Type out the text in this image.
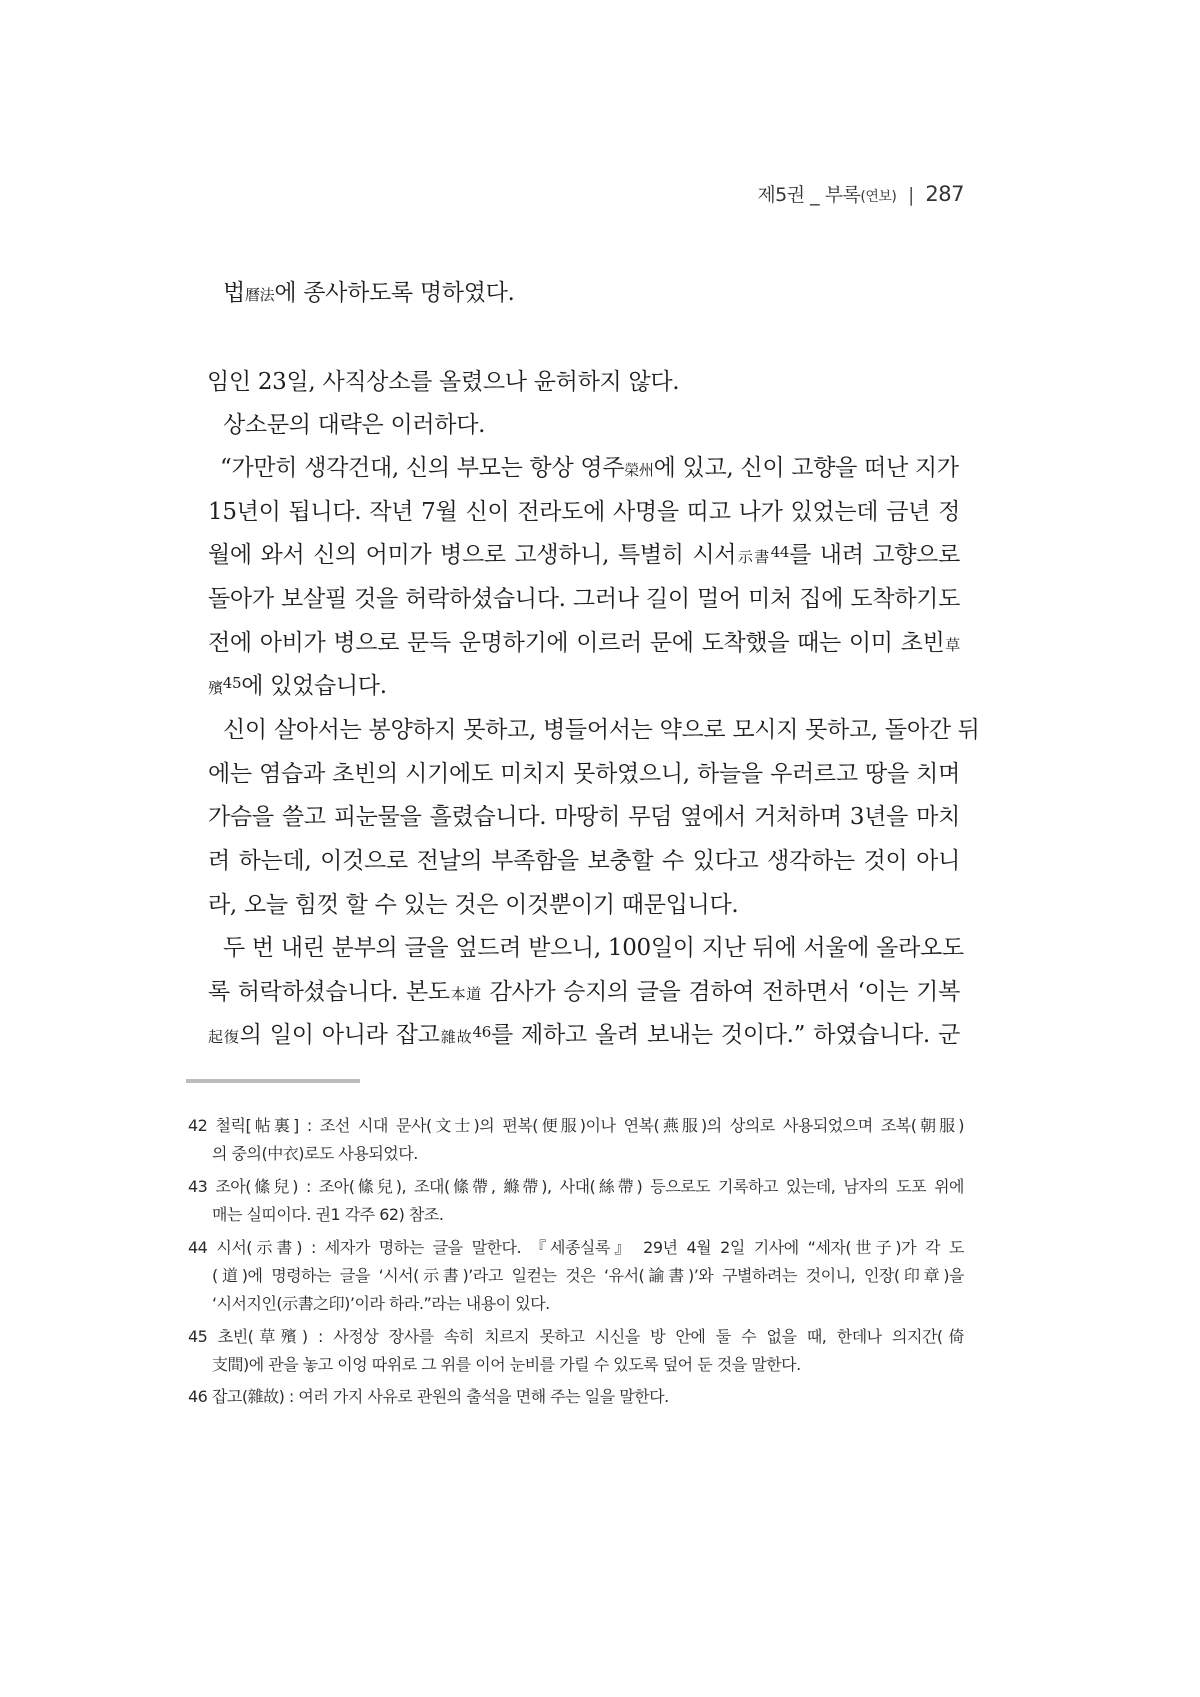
제5권 _ 부록(연보) | 287
법曆法에 종사하도록 명하였다.
임인 23일, 사직상소를 올렸으나 윤허하지 않다.
상소문의 대략은 이러하다.
“가만히 생각건대, 신의 부모는 항상 영주榮州에 있고, 신이 고향을 떠난 지가
15년이 됩니다. 작년 7월 신이 전라도에 사명을 띠고 나가 있었는데 금년 정
월에 와서 신의 어미가 병으로 고생하니, 특별히 시서示書$^{44}$를 내려 고향으로
돌아가 보살필 것을 허락하셨습니다. 그러나 길이 멀어 미처 집에 도착하기도
전에 아비가 병으로 문득 운명하기에 이르러 문에 도착했을 때는 이미 초빈草
殯$^{45}$에 있었습니다.
신이 살아서는 봉양하지 못하고, 병들어서는 약으로 모시지 못하고, 돌아간 뒤
에는 염습과 초빈의 시기에도 미치지 못하였으니, 하늘을 우러르고 땅을 치며
가슴을 쓸고 피눈물을 흘렸습니다. 마땅히 무덤 옆에서 거처하며 3년을 마치
려 하는데, 이것으로 전날의 부족함을 보충할 수 있다고 생각하는 것이 아니
라, 오늘 힘껏 할 수 있는 것은 이것뿐이기 때문입니다.
두 번 내린 분부의 글을 엎드려 받으니, 100일이 지난 뒤에 서울에 올라오도
록 허락하셨습니다. 본도本道 감사가 승지의 글을 겸하여 전하면서 ‘이는 기복
起復의 일이 아니라 잡고雜故$^{46}$를 제하고 올려 보내는 것이다.” 하였습니다. 군
42 철릭[帖裏] : 조선 시대 문사(文士)의 편복(便服)이나 연복(燕服)의 상의로 사용되었으며 조복(朝服)
의 중의(中衣)로도 사용되었다.
43 조아(絛兒) : 조아(絛兒), 조대(絛帶, 縧帶), 사대(絲帶) 등으로도 기록하고 있는데, 남자의 도포 위에
매는 실띠이다. 권1 각주 62) 참조.
44 시서(示書) : 세자가 명하는 글을 말한다. 『세종실록』 29년 4월 2일 기사에 “세자(世子)가 각 도
(道)에 명령하는 글을 ‘시서(示書)’라고 일컫는 것은 ‘유서(諭書)’와 구별하려는 것이니, 인장(印章)을
‘시서지인(示書之印)’이라 하라.”라는 내용이 있다.
45 초빈(草殯) : 사정상 장사를 속히 치르지 못하고 시신을 방 안에 둘 수 없을 때, 한데나 의지간(倚
支間)에 관을 놓고 이엉 따위로 그 위를 이어 눈비를 가릴 수 있도록 덮어 둔 것을 말한다.
46 잡고(雜故) : 여러 가지 사유로 관원의 출석을 면해 주는 일을 말한다.
